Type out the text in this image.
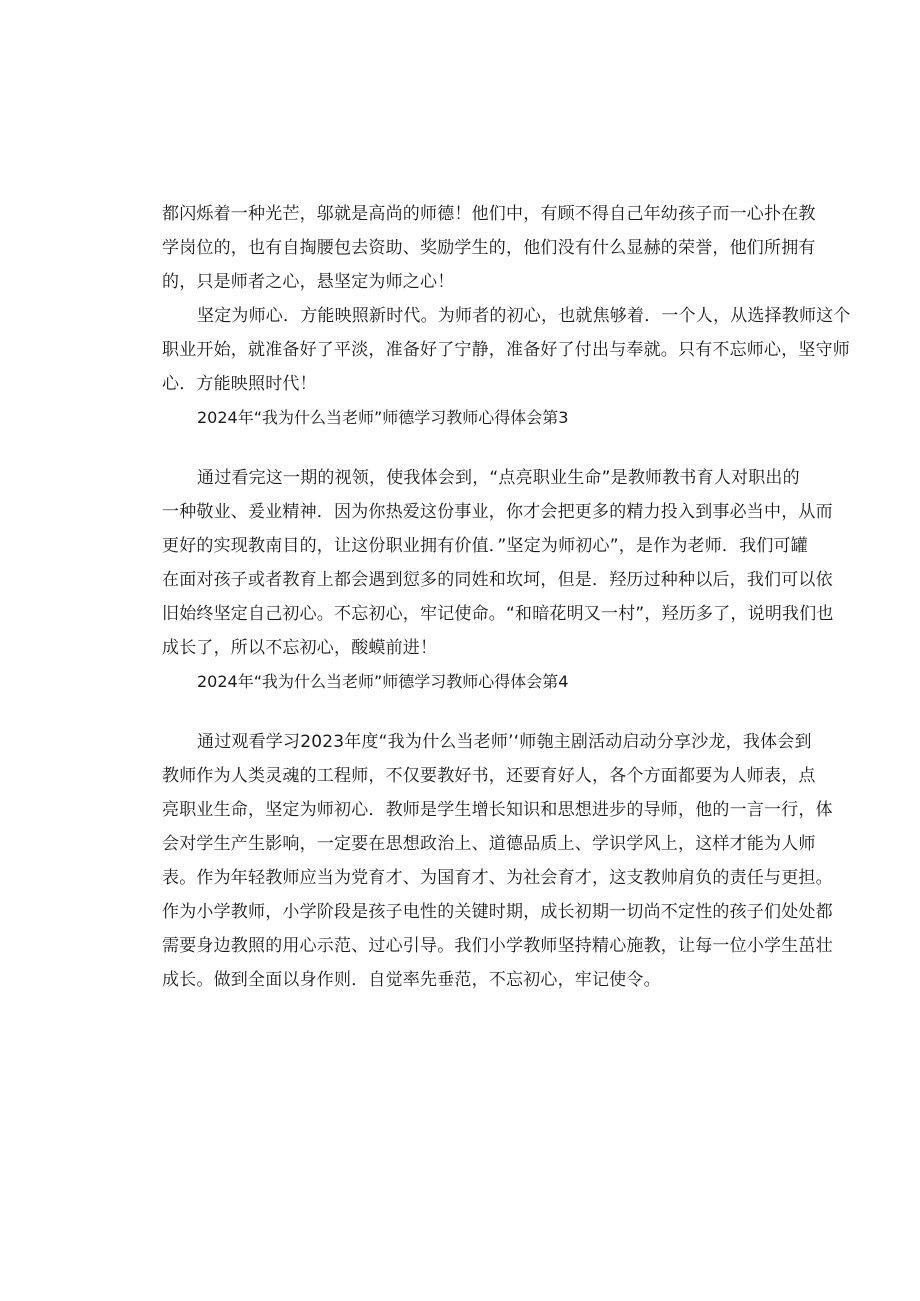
都闪烁着一种光芒，邬就是高尚的师德！他们中，有顾不得自己年幼孩子而一心扑在教
学岗位的，也有自掏腰包去资助、奖励学生的，他们没有什么显赫的荣誉，他们所拥有
的，只是师者之心，悬坚定为师之心！
坚定为师心．方能映照新时代。为师者的初心，也就焦够着．一个人，从选择教师这个
职业开始，就准备好了平淡，准备好了宁静，准备好了付出与奉就。只有不忘师心，坚守师
心．方能映照时代！
2024年“我为什么当老师”师德学习教师心得体会第3
通过看完这一期的视领，使我体会到，“点亮职业生命”是教师教书育人对职出的
一种敬业、爰业精神．因为你热爱这份事业，你才会把更多的精力投入到事必当中，从而
更好的实现教南目的，让这份职业拥有价值．”坚定为师初心”，是作为老师．我们可罐
在面对孩子或者教育上都会遇到愆多的同姓和坎坷，但是．羟历过种种以后，我们可以依
旧始终坚定自己初心。不忘初心，牢记使命。“和暗花明又一村”，羟历多了，说明我们也
成长了，所以不忘初心，酸蟆前进！
2024年“我为什么当老师”师德学习教师心得体会第4
通过观看学习2023年度“我为什么当老师’‘师匏主剧活动启动分享沙龙，我体会到
教师作为人类灵魂的工程师，不仅要教好书，还要育好人，各个方面都要为人师表，点
亮职业生命，坚定为师初心．教师是学生增长知识和思想进步的导师，他的一言一行，体
会对学生产生影响，一定要在思想政治上、道德品质上、学识学风上，这样才能为人师
表。作为年轻教师应当为党育才、为国育才、为社会育才，这支教帅肩负的责任与更担。
作为小学教师，小学阶段是孩子电性的关键时期，成长初期一切尚不定性的孩子们处处都
需要身边教照的用心示范、过心引导。我们小学教师坚持精心施教，让每一位小学生茁壮
成长。做到全面以身作则．自觉率先垂范，不忘初心，牢记使令。
